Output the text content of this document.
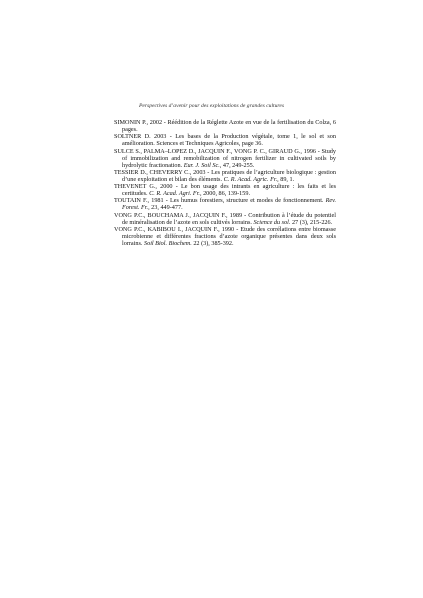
Perspectives d’avenir pour des exploitations de grandes cultures

SIMONIN P., 2002 - Réédition de la Réglette Azote en vue de la fertilisation du Colza, 6 pages.

SOLTNER D. 2003 - Les bases de la Production végétale, tome 1, le sol et son amélioration. Sciences et Techniques Agricoles, page 36.

SULCE S., PALMA–LOPEZ D., JACQUIN F., VONG P. C., GIRAUD G., 1996 - Study of immobilization and remobilization of nitrogen fertilizer in cultivated soils by hydrolytic fractionation. Eur. J. Soil Sc., 47, 249-255.

TESSIER D., CHEVERRY C., 2003 - Les pratiques de l’agriculture biologique : gestion d’une exploitation et bilan des éléments. C. R. Acad. Agric. Fr., 89, 1.

THEVENET G., 2000 - Le bon usage des intrants en agriculture : les faits et les certitudes. C. R. Acad. Agri. Fr., 2000, 86, 139-159.

TOUTAIN F., 1981 - Les humus forestiers, structure et modes de fonctionnement. Rev. Forest. Fr., 23, 449-477.

VONG P.C., BOUCHAMA J., JACQUIN F., 1989 - Contribution à l’étude du potentiel de minéralisation de l’azote en sols cultivés lorrains. Science du sol. 27 (3), 215-226.

VONG P.C., KABIBOU I., JACQUIN F., 1990 - Etude des corrélations entre biomasse microbienne et différentes fractions d’azote organique présentes dans deux sols lorrains. Soil Biol. Biochem. 22 (3), 385-392.
